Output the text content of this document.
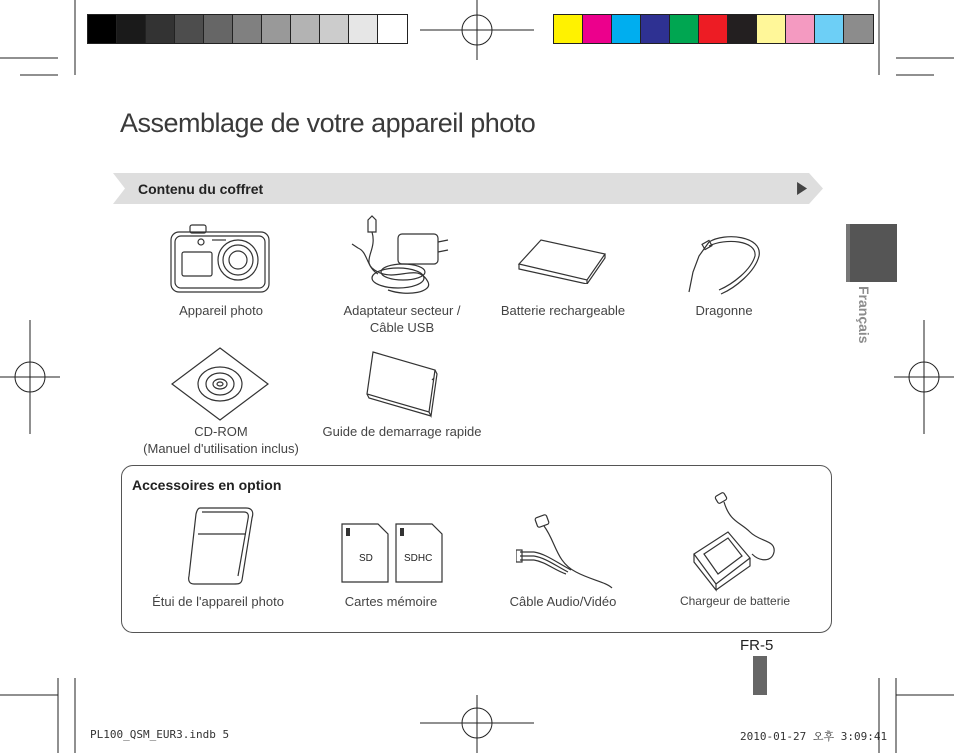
Assemblage de votre appareil photo
Contenu du coffret
Français
Appareil photo	Adaptateur secteur /
Câble USB
Batterie rechargeable	Dragonne
CD-ROM
(Manuel d'utilisation inclus)
Guide de demarrage rapide
Accessoires en option
Étui de l'appareil photo
SD	SDHC
Cartes mémoire	Câble Audio/Vidéo	Chargeur de batterie
FR-5
PL100_QSM_EUR3.indb 5	2010-01-27 오후 3:09:41
